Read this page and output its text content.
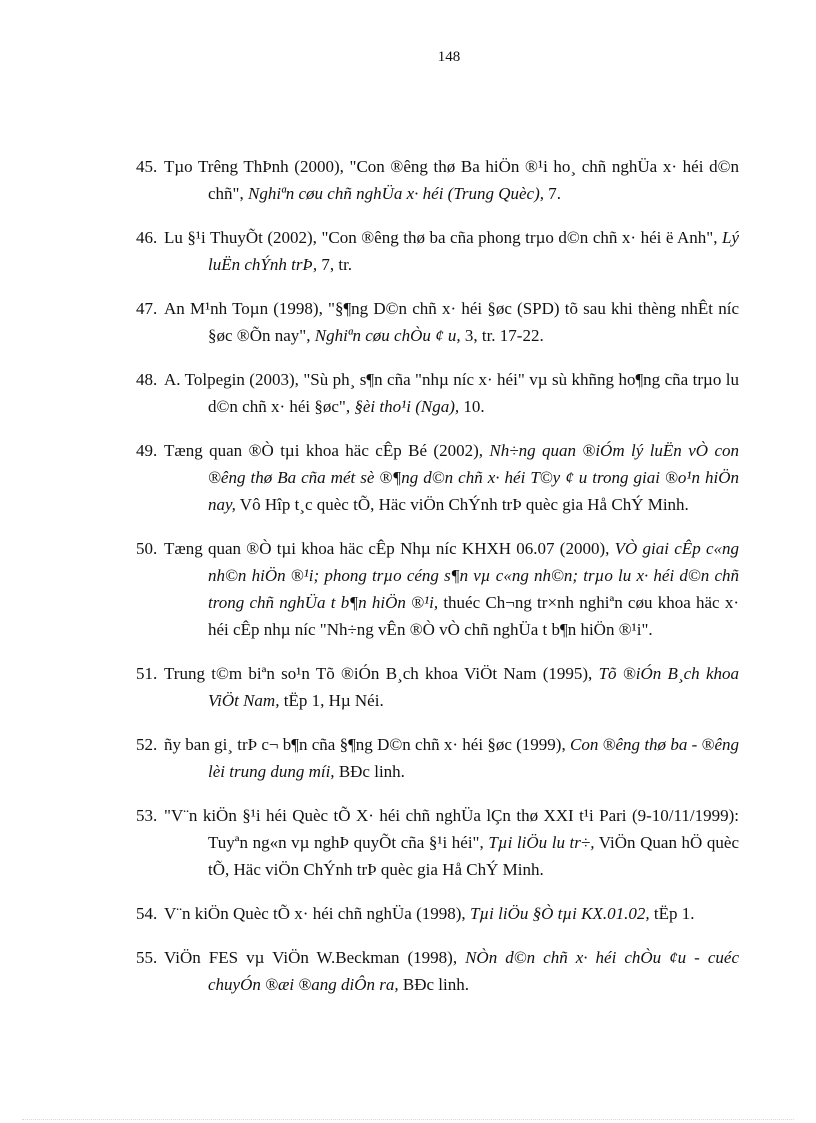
148

45. Tµo Trêng ThÞnh (2000), "Con ®êng thø Ba hiÖn ®¹i ho¸ chñ nghÜa x· héi d©n chñ", Nghiªn cøu chñ nghÜa x· héi (Trung Quèc), 7.

46. Lu §¹i ThuyÕt (2002), "Con ®êng thø ba cña phong trµo d©n chñ x· héi ë Anh", Lý luËn chÝnh trÞ, 7, tr.

47. An M¹nh Toµn (1998), "§¶ng D©n chñ x· héi §øc (SPD) tõ sau khi thèng nhÊt níc §øc ®Õn nay", Nghiªn cøu chÒu ¢ u, 3, tr. 17-22.

48. A. Tolpegin (2003), "Sù ph¸ s¶n cña "nhµ níc x· héi" vµ sù khñng ho¶ng cña trµo lu d©n chñ x· héi §øc", §èi tho¹i (Nga), 10.

49. Tæng quan ®Ò tµi khoa häc cÊp Bé (2002), Nh÷ng quan ®iÓm lý luËn vÒ con ®êng thø Ba cña mét sè ®¶ng d©n chñ x· héi T©y ¢ u trong giai ®o¹n hiÖn nay, Vô Hîp t¸c quèc tÕ, Häc viÖn ChÝnh trÞ quèc gia Hå ChÝ Minh.

50. Tæng quan ®Ò tµi khoa häc cÊp Nhµ níc KHXH 06.07 (2000), VÒ giai cÊp c«ng nh©n hiÖn ®¹i; phong trµo céng s¶n vµ c«ng nh©n; trµo lu x· héi d©n chñ trong chñ nghÜa t b¶n hiÖn ®¹i, thuéc Ch¬ng tr×nh nghiªn cøu khoa häc x· héi cÊp nhµ níc "Nh÷ng vÊn ®Ò vÒ chñ nghÜa t b¶n hiÖn ®¹i".

51. Trung t©m biªn so¹n Tõ ®iÓn B¸ch khoa ViÖt Nam (1995), Tõ ®iÓn B¸ch khoa ViÖt Nam, tËp 1, Hµ Néi.

52. ñy ban gi¸ trÞ c¬ b¶n cña §¶ng D©n chñ x· héi §øc (1999), Con ®êng thø ba - ®êng lèi trung dung míi, BÐc linh.

53. "V¨n kiÖn §¹i héi Quèc tÕ X· héi chñ nghÜa lÇn thø XXI t¹i Pari (9-10/11/1999): Tuyªn ng«n vµ nghÞ quyÕt cña §¹i héi", Tµi liÖu lu tr÷, ViÖn Quan hÖ quèc tÕ, Häc viÖn ChÝnh trÞ quèc gia Hå ChÝ Minh.

54. V¨n kiÖn Quèc tÕ x· héi chñ nghÜa (1998), Tµi liÖu §Ò tµi KX.01.02, tËp 1.

55. ViÖn FES vµ ViÖn W.Beckman (1998), NÒn d©n chñ x· héi chÒu ¢u - cuéc chuyÓn ®æi ®ang diÔn ra, BÐc linh.
